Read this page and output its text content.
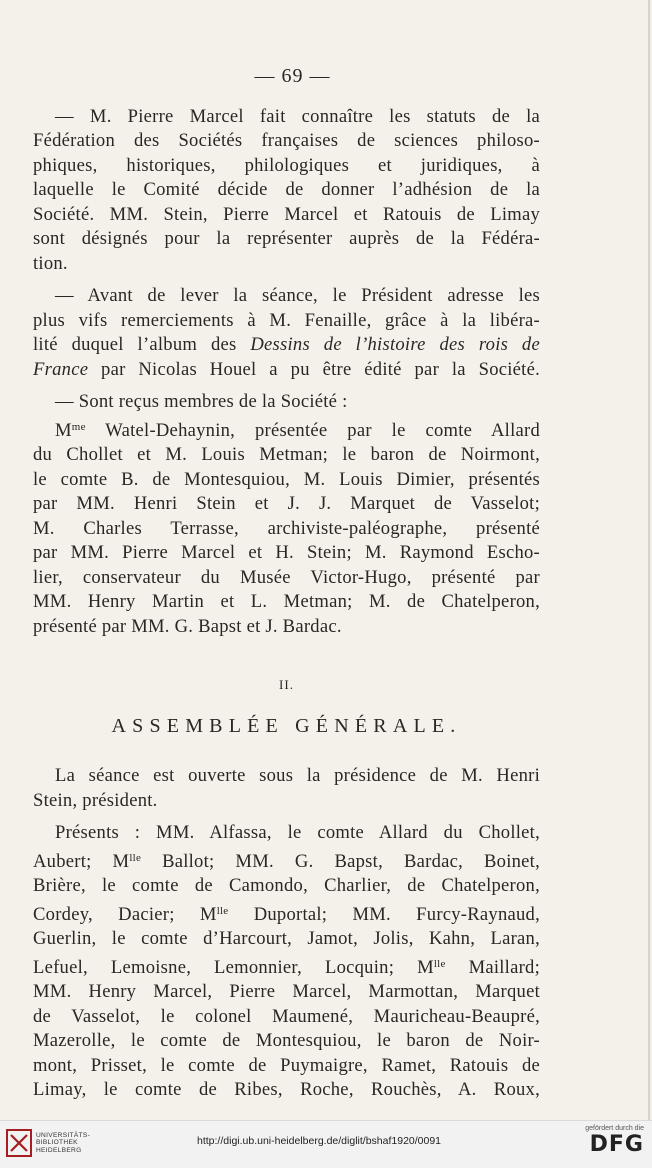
— 69 —
— M. Pierre Marcel fait connaître les statuts de la
Fédération des Sociétés françaises de sciences philoso-
phiques, historiques, philologiques et juridiques, à
laquelle le Comité décide de donner l’adhésion de la
Société. MM. Stein, Pierre Marcel et Ratouis de Limay
sont désignés pour la représenter auprès de la Fédéra-
tion.
— Avant de lever la séance, le Président adresse les
plus vifs remerciements à M. Fenaille, grâce à la libéra-
lité duquel l’album des Dessins de l’histoire des rois de
France par Nicolas Houel a pu être édité par la Société.
— Sont reçus membres de la Société :
$M^{me}$ Watel-Dehaynin, présentée par le comte Allard
du Chollet et M. Louis Metman; le baron de Noirmont,
le comte B. de Montesquiou, M. Louis Dimier, présentés
par MM. Henri Stein et J. J. Marquet de Vasselot;
M. Charles Terrasse, archiviste-paléographe, présenté
par MM. Pierre Marcel et H. Stein; M. Raymond Escho-
lier, conservateur du Musée Victor-Hugo, présenté par
MM. Henry Martin et L. Metman; M. de Chatelperon,
présenté par MM. G. Bapst et J. Bardac.
II.
ASSEMBLÉE GÉNÉRALE.
La séance est ouverte sous la présidence de M. Henri
Stein, président.
Présents : MM. Alfassa, le comte Allard du Chollet,
Aubert; $M^{lle}$ Ballot; MM. G. Bapst, Bardac, Boinet,
Brière, le comte de Camondo, Charlier, de Chatelperon,
Cordey, Dacier; $M^{lle}$ Duportal; MM. Furcy-Raynaud,
Guerlin, le comte d’Harcourt, Jamot, Jolis, Kahn, Laran,
Lefuel, Lemoisne, Lemonnier, Locquin; $M^{lle}$ Maillard;
MM. Henry Marcel, Pierre Marcel, Marmottan, Marquet
de Vasselot, le colonel Maumené, Mauricheau-Beaupré,
Mazerolle, le comte de Montesquiou, le baron de Noir-
mont, Prisset, le comte de Puymaigre, Ramet, Ratouis de
Limay, le comte de Ribes, Roche, Rouchès, A. Roux,
UNIVERSITÄTS-
BIBLIOTHEK
HEIDELBERG
http://digi.ub.uni-heidelberg.de/diglit/bshaf1920/0091
gefördert durch die
DFG
